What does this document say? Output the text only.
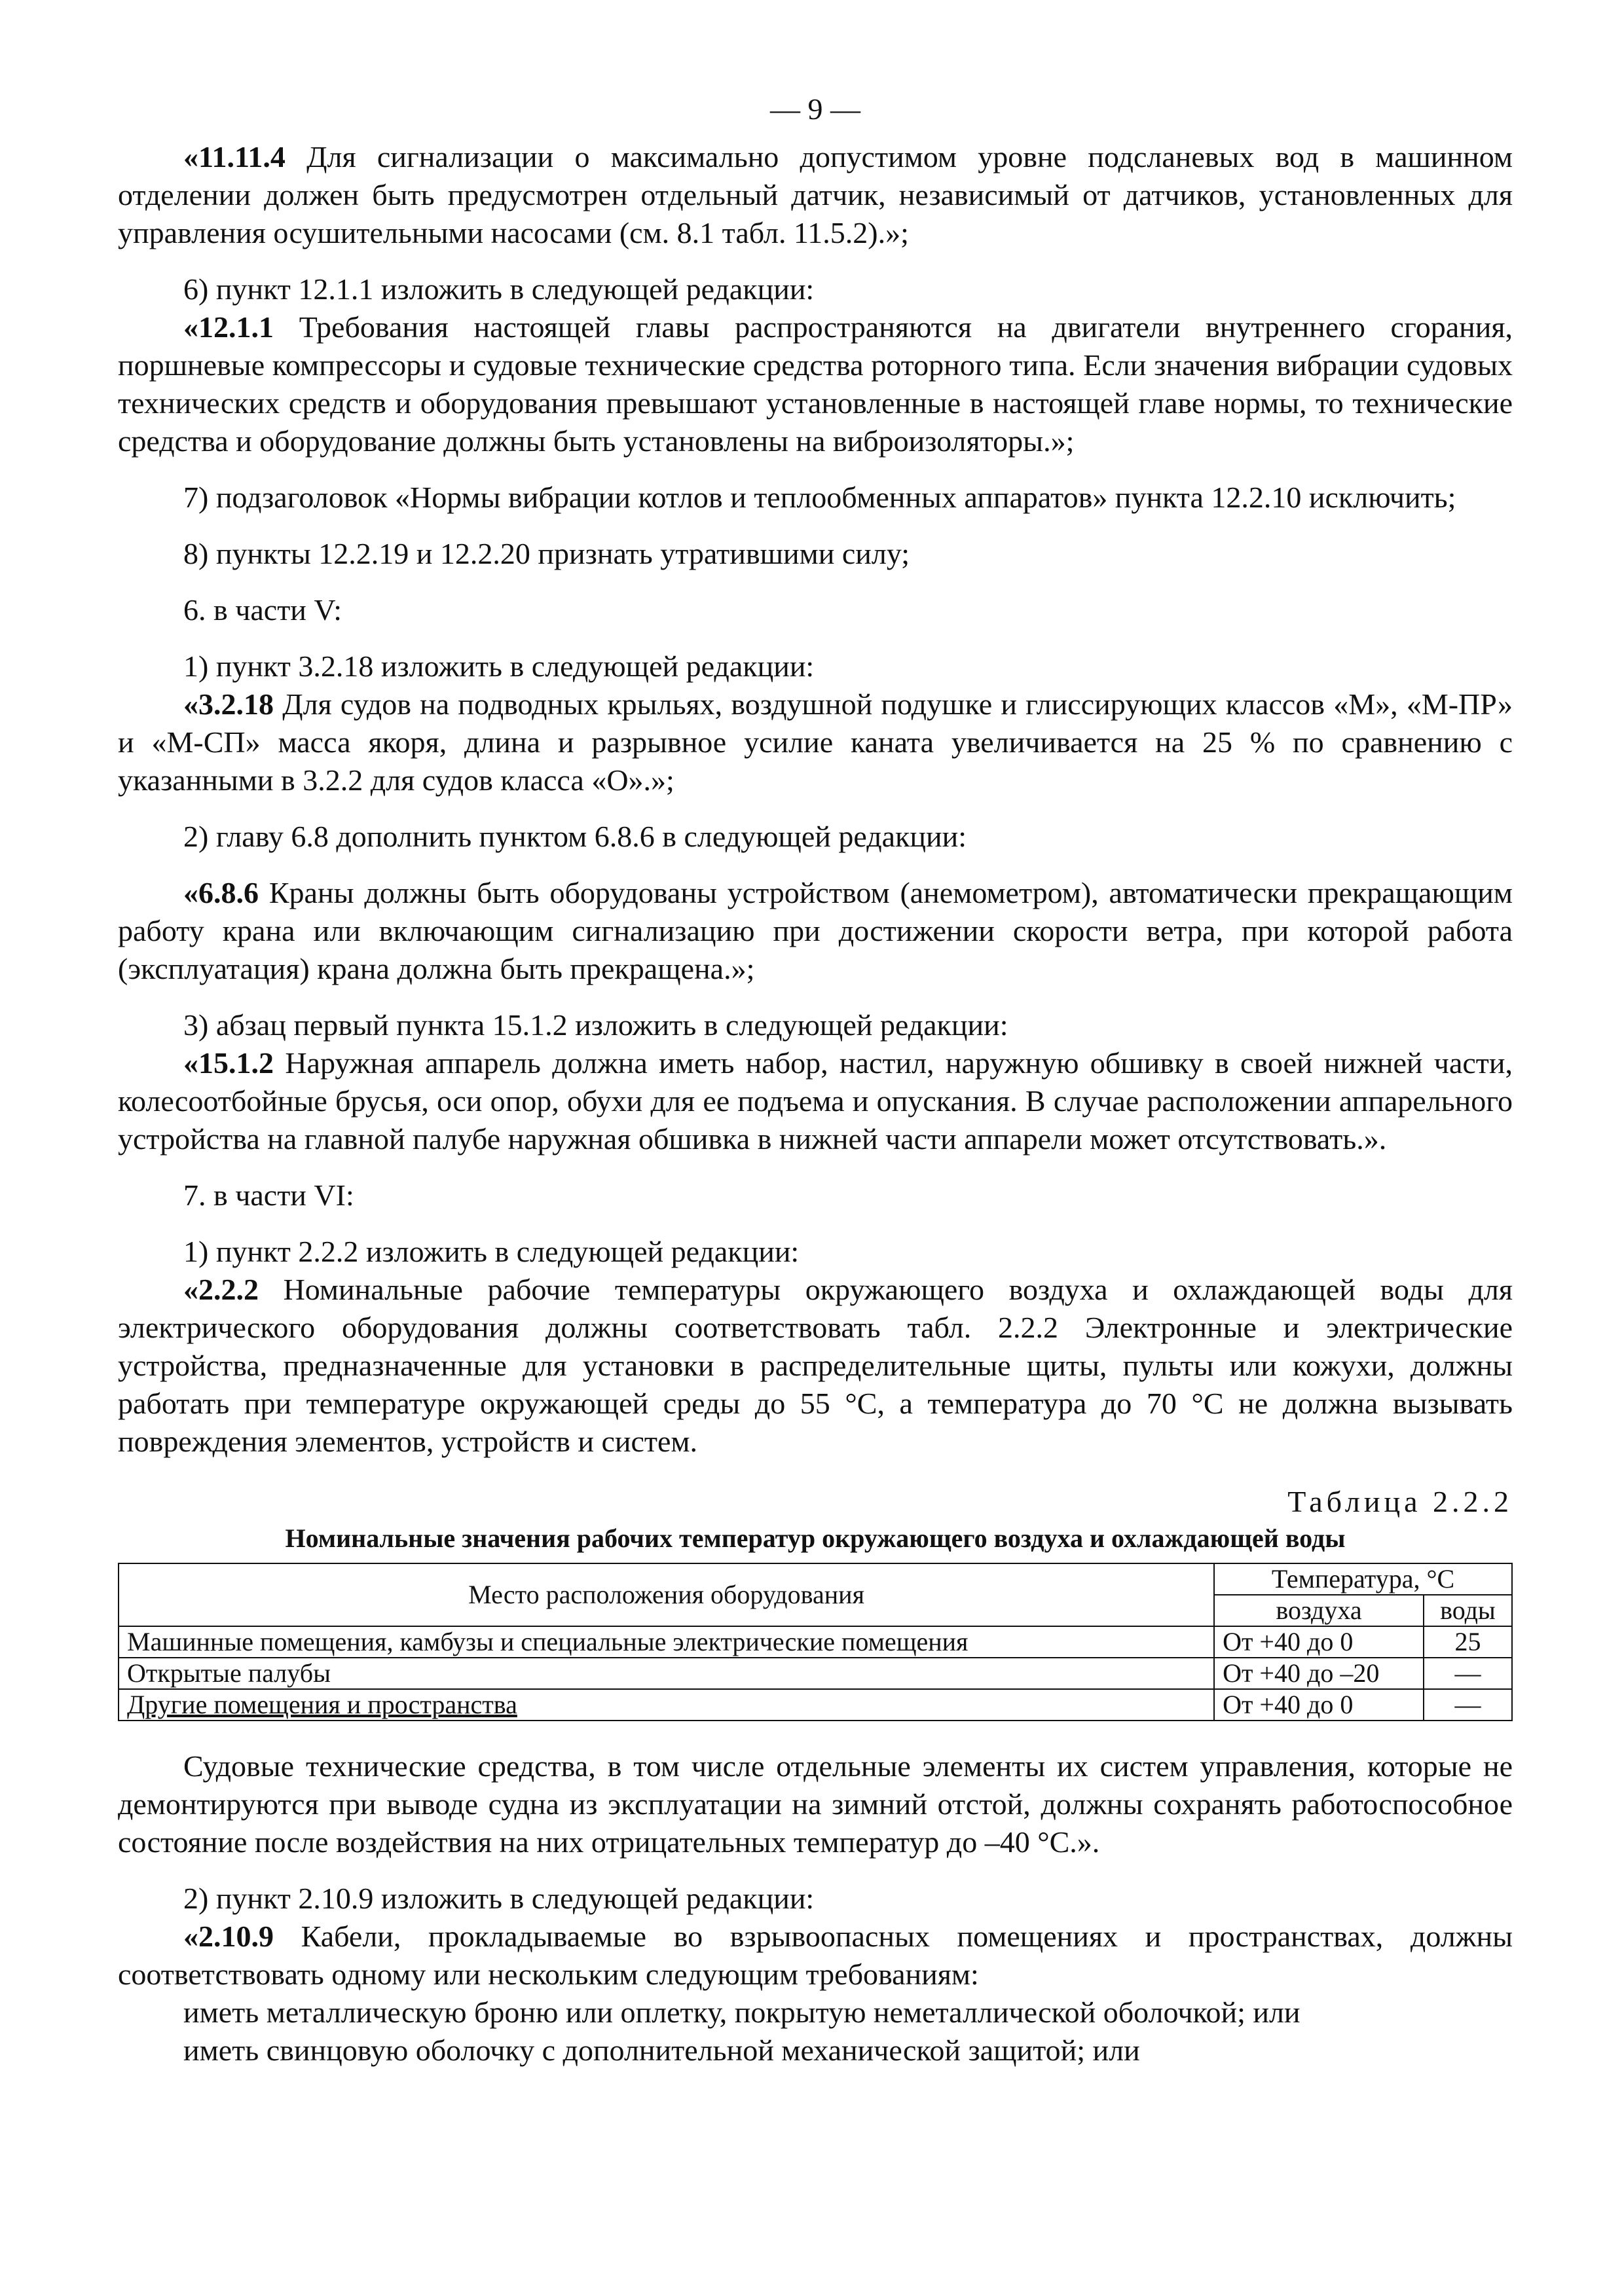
— 9 —

«11.11.4 Для сигнализации о максимально допустимом уровне подсланевых вод в машинном отделении должен быть предусмотрен отдельный датчик, независимый от датчиков, установленных для управления осушительными насосами (см. 8.1 табл. 11.5.2).»;

6) пункт 12.1.1 изложить в следующей редакции:

«12.1.1 Требования настоящей главы распространяются на двигатели внутреннего сгорания, поршневые компрессоры и судовые технические средства роторного типа. Если значения вибрации судовых технических средств и оборудования превышают установленные в настоящей главе нормы, то технические средства и оборудование должны быть установлены на виброизоляторы.»;

7) подзаголовок «Нормы вибрации котлов и теплообменных аппаратов» пункта 12.2.10 исключить;

8) пункты 12.2.19 и 12.2.20 признать утратившими силу;

6. в части V:

1) пункт 3.2.18 изложить в следующей редакции:

«3.2.18 Для судов на подводных крыльях, воздушной подушке и глиссирующих классов «М», «М-ПР» и «М-СП» масса якоря, длина и разрывное усилие каната увеличивается на 25 % по сравнению с указанными в 3.2.2 для судов класса «О».»;

2) главу 6.8 дополнить пунктом 6.8.6 в следующей редакции:

«6.8.6 Краны должны быть оборудованы устройством (анемометром), автоматически прекращающим работу крана или включающим сигнализацию при достижении скорости ветра, при которой работа (эксплуатация) крана должна быть прекращена.»;

3) абзац первый пункта 15.1.2 изложить в следующей редакции:

«15.1.2 Наружная аппарель должна иметь набор, настил, наружную обшивку в своей нижней части, колесоотбойные брусья, оси опор, обухи для ее подъема и опускания. В случае расположении аппарельного устройства на главной палубе наружная обшивка в нижней части аппарели может отсутствовать.».

7. в части VI:

1) пункт 2.2.2 изложить в следующей редакции:

«2.2.2 Номинальные рабочие температуры окружающего воздуха и охлаждающей воды для электрического оборудования должны соответствовать табл. 2.2.2 Электронные и электрические устройства, предназначенные для установки в распределительные щиты, пульты или кожухи, должны работать при температуре окружающей среды до 55 °С, а температура до 70 °С не должна вызывать повреждения элементов, устройств и систем.

Таблица 2.2.2
Номинальные значения рабочих температур окружающего воздуха и охлаждающей воды
Место расположения оборудования	Температура, °С	
	воздуха	воды
Машинные помещения, камбузы и специальные электрические помещения	От +40 до 0	25
Открытые палубы	От +40 до –20	—
Другие помещения и пространства	От +40 до 0	—

Судовые технические средства, в том числе отдельные элементы их систем управления, которые не демонтируются при выводе судна из эксплуатации на зимний отстой, должны сохранять работоспособное состояние после воздействия на них отрицательных температур до –40 °С.».

2) пункт 2.10.9 изложить в следующей редакции:

«2.10.9 Кабели, прокладываемые во взрывоопасных помещениях и пространствах, должны соответствовать одному или нескольким следующим требованиям:

иметь металлическую броню или оплетку, покрытую неметаллической оболочкой; или

иметь свинцовую оболочку с дополнительной механической защитой; или
